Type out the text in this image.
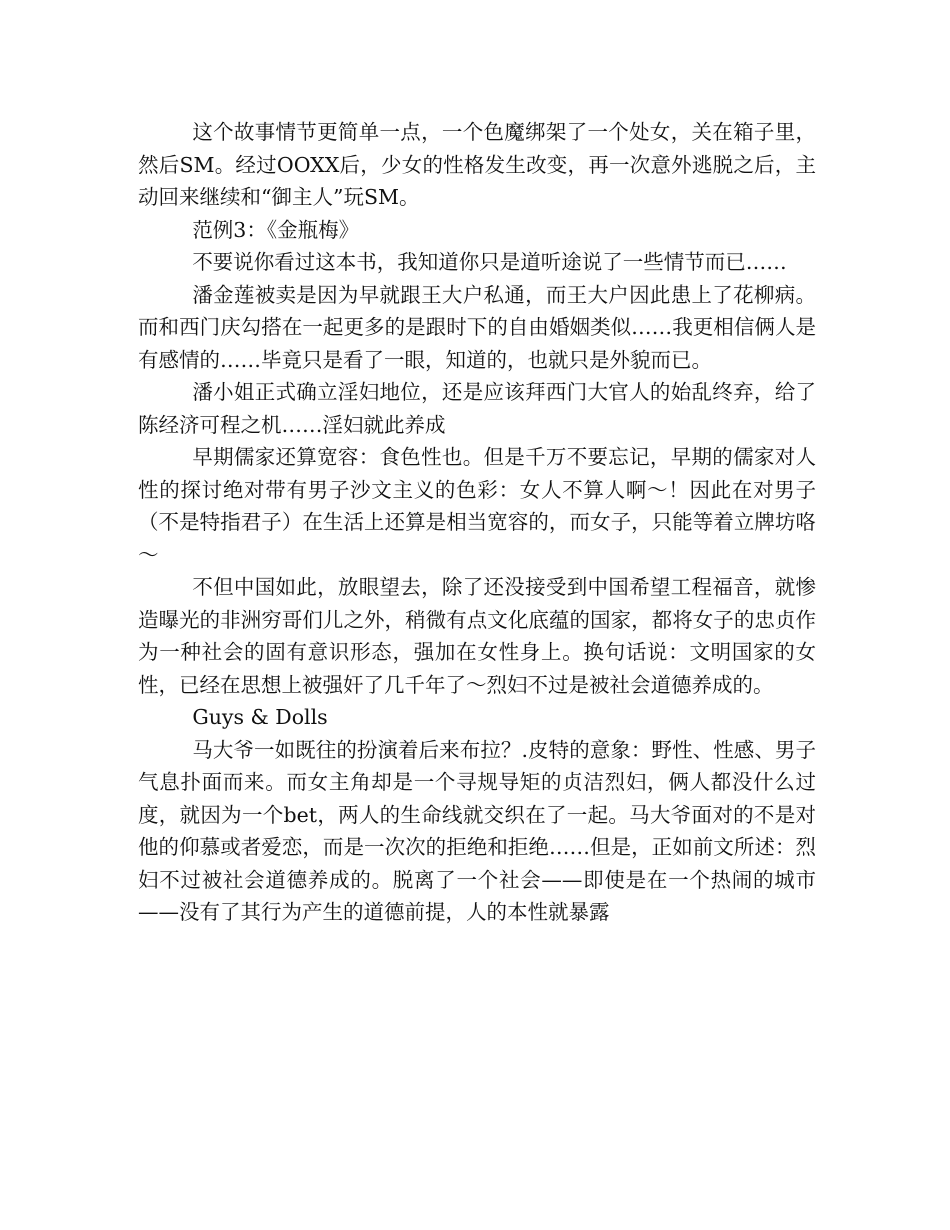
这个故事情节更简单一点，一个色魔绑架了一个处女，关在箱子里，然后SM。经过OOXX后，少女的性格发生改变，再一次意外逃脱之后，主动回来继续和“御主人”玩SM。

范例3：《金瓶梅》

不要说你看过这本书，我知道你只是道听途说了一些情节而已……

潘金莲被卖是因为早就跟王大户私通，而王大户因此患上了花柳病。而和西门庆勾搭在一起更多的是跟时下的自由婚姻类似……我更相信俩人是有感情的……毕竟只是看了一眼，知道的，也就只是外貌而已。

潘小姐正式确立淫妇地位，还是应该拜西门大官人的始乱终弃，给了陈经济可程之机……淫妇就此养成

早期儒家还算宽容：食色性也。但是千万不要忘记，早期的儒家对人性的探讨绝对带有男子沙文主义的色彩：女人不算人啊～！因此在对男子（不是特指君子）在生活上还算是相当宽容的，而女子，只能等着立牌坊咯～

不但中国如此，放眼望去，除了还没接受到中国希望工程福音，就惨造曝光的非洲穷哥们儿之外，稍微有点文化底蕴的国家，都将女子的忠贞作为一种社会的固有意识形态，强加在女性身上。换句话说：文明国家的女性，已经在思想上被强奸了几千年了～烈妇不过是被社会道德养成的。

Guys & Dolls

马大爷一如既往的扮演着后来布拉？.皮特的意象：野性、性感、男子气息扑面而来。而女主角却是一个寻规导矩的贞洁烈妇，俩人都没什么过度，就因为一个bet，两人的生命线就交织在了一起。马大爷面对的不是对他的仰慕或者爱恋，而是一次次的拒绝和拒绝……但是，正如前文所述：烈妇不过被社会道德养成的。脱离了一个社会——即使是在一个热闹的城市——没有了其行为产生的道德前提，人的本性就暴露
